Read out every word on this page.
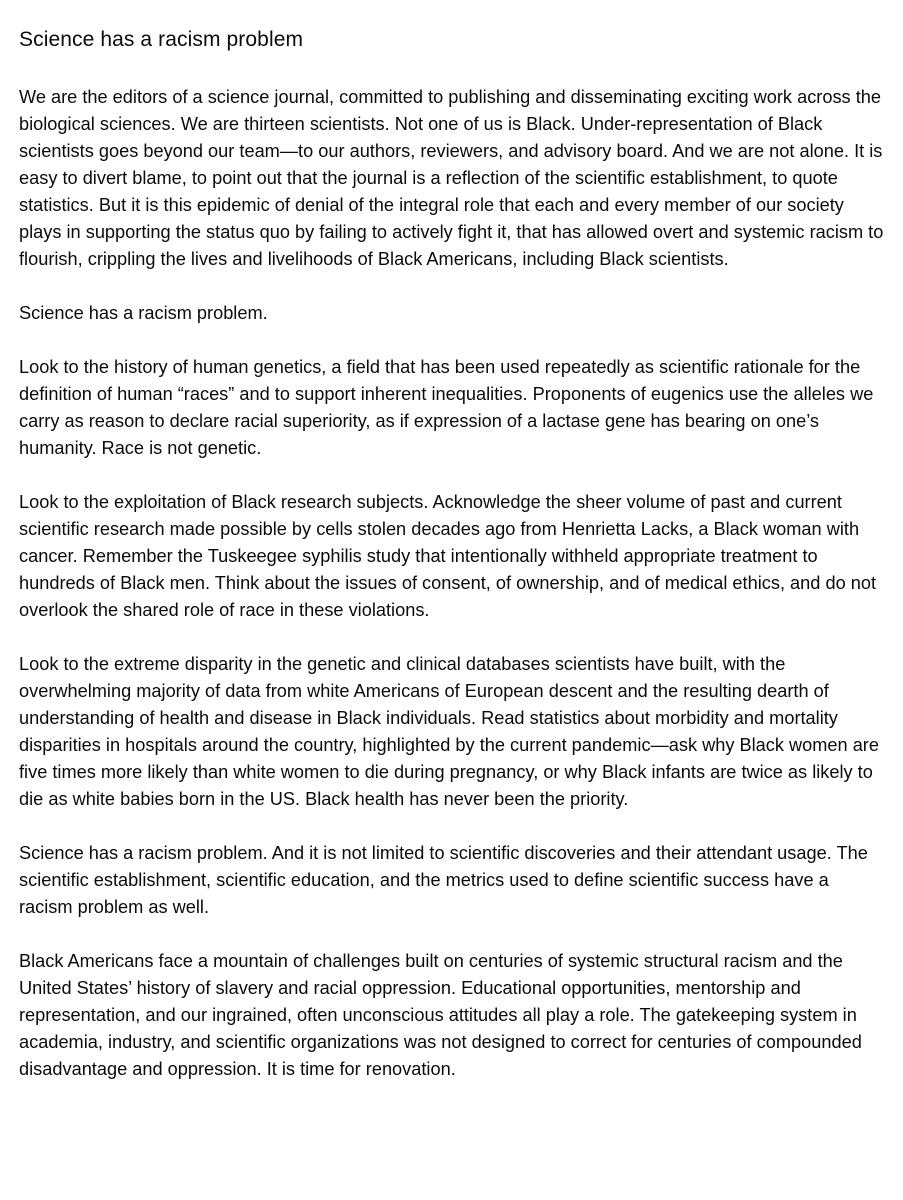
Science has a racism problem

We are the editors of a science journal, committed to publishing and disseminating exciting work across the biological sciences. We are thirteen scientists. Not one of us is Black. Under-representation of Black scientists goes beyond our team—to our authors, reviewers, and advisory board. And we are not alone. It is easy to divert blame, to point out that the journal is a reflection of the scientific establishment, to quote statistics. But it is this epidemic of denial of the integral role that each and every member of our society plays in supporting the status quo by failing to actively fight it, that has allowed overt and systemic racism to flourish, crippling the lives and livelihoods of Black Americans, including Black scientists.

Science has a racism problem.

Look to the history of human genetics, a field that has been used repeatedly as scientific rationale for the definition of human “races” and to support inherent inequalities. Proponents of eugenics use the alleles we carry as reason to declare racial superiority, as if expression of a lactase gene has bearing on one’s humanity. Race is not genetic.

Look to the exploitation of Black research subjects. Acknowledge the sheer volume of past and current scientific research made possible by cells stolen decades ago from Henrietta Lacks, a Black woman with cancer. Remember the Tuskeegee syphilis study that intentionally withheld appropriate treatment to hundreds of Black men. Think about the issues of consent, of ownership, and of medical ethics, and do not overlook the shared role of race in these violations.

Look to the extreme disparity in the genetic and clinical databases scientists have built, with the overwhelming majority of data from white Americans of European descent and the resulting dearth of understanding of health and disease in Black individuals. Read statistics about morbidity and mortality disparities in hospitals around the country, highlighted by the current pandemic—ask why Black women are five times more likely than white women to die during pregnancy, or why Black infants are twice as likely to die as white babies born in the US. Black health has never been the priority.

Science has a racism problem. And it is not limited to scientific discoveries and their attendant usage. The scientific establishment, scientific education, and the metrics used to define scientific success have a racism problem as well.

Black Americans face a mountain of challenges built on centuries of systemic structural racism and the United States’ history of slavery and racial oppression. Educational opportunities, mentorship and representation, and our ingrained, often unconscious attitudes all play a role. The gatekeeping system in academia, industry, and scientific organizations was not designed to correct for centuries of compounded disadvantage and oppression. It is time for renovation.
